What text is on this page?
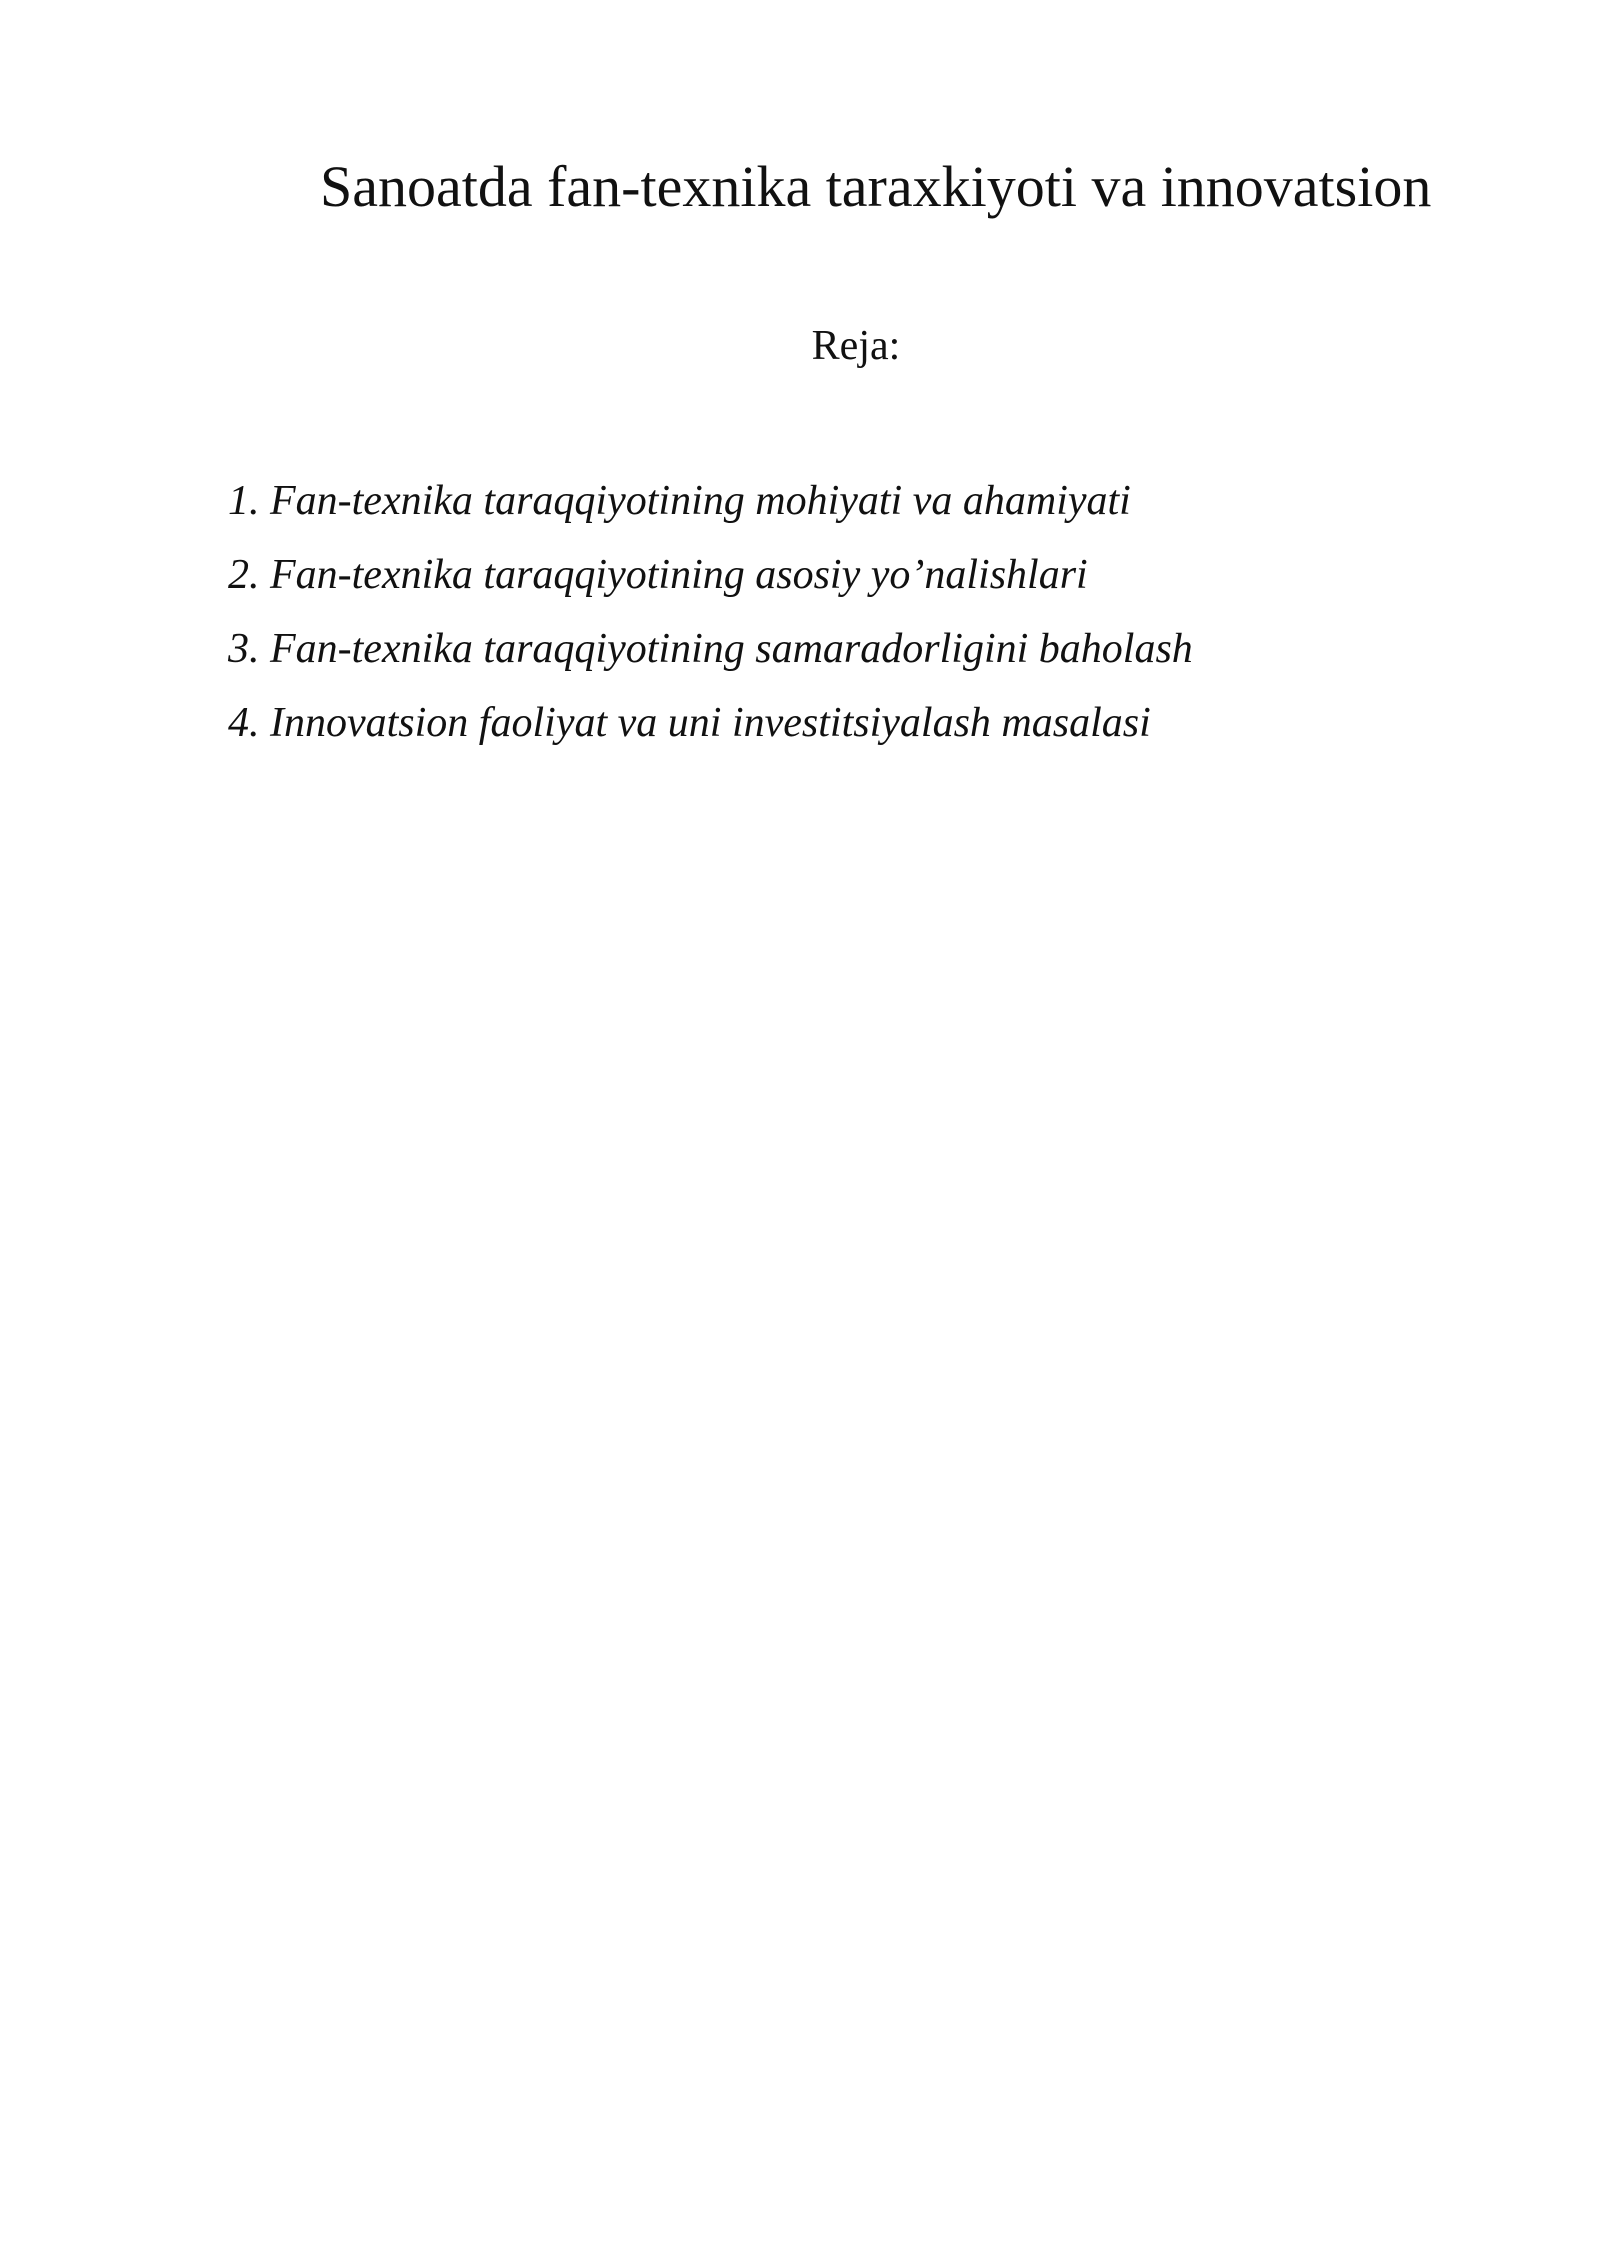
Sanoatda fan-texnika taraxkiyoti va innovatsion
Reja:
1. Fan-texnika taraqqiyotining mohiyati va ahamiyati
2. Fan-texnika taraqqiyotining asosiy yo’nalishlari
3. Fan-texnika taraqqiyotining samaradorligini baholash
4. Innovatsion faoliyat va uni investitsiyalash masalasi
